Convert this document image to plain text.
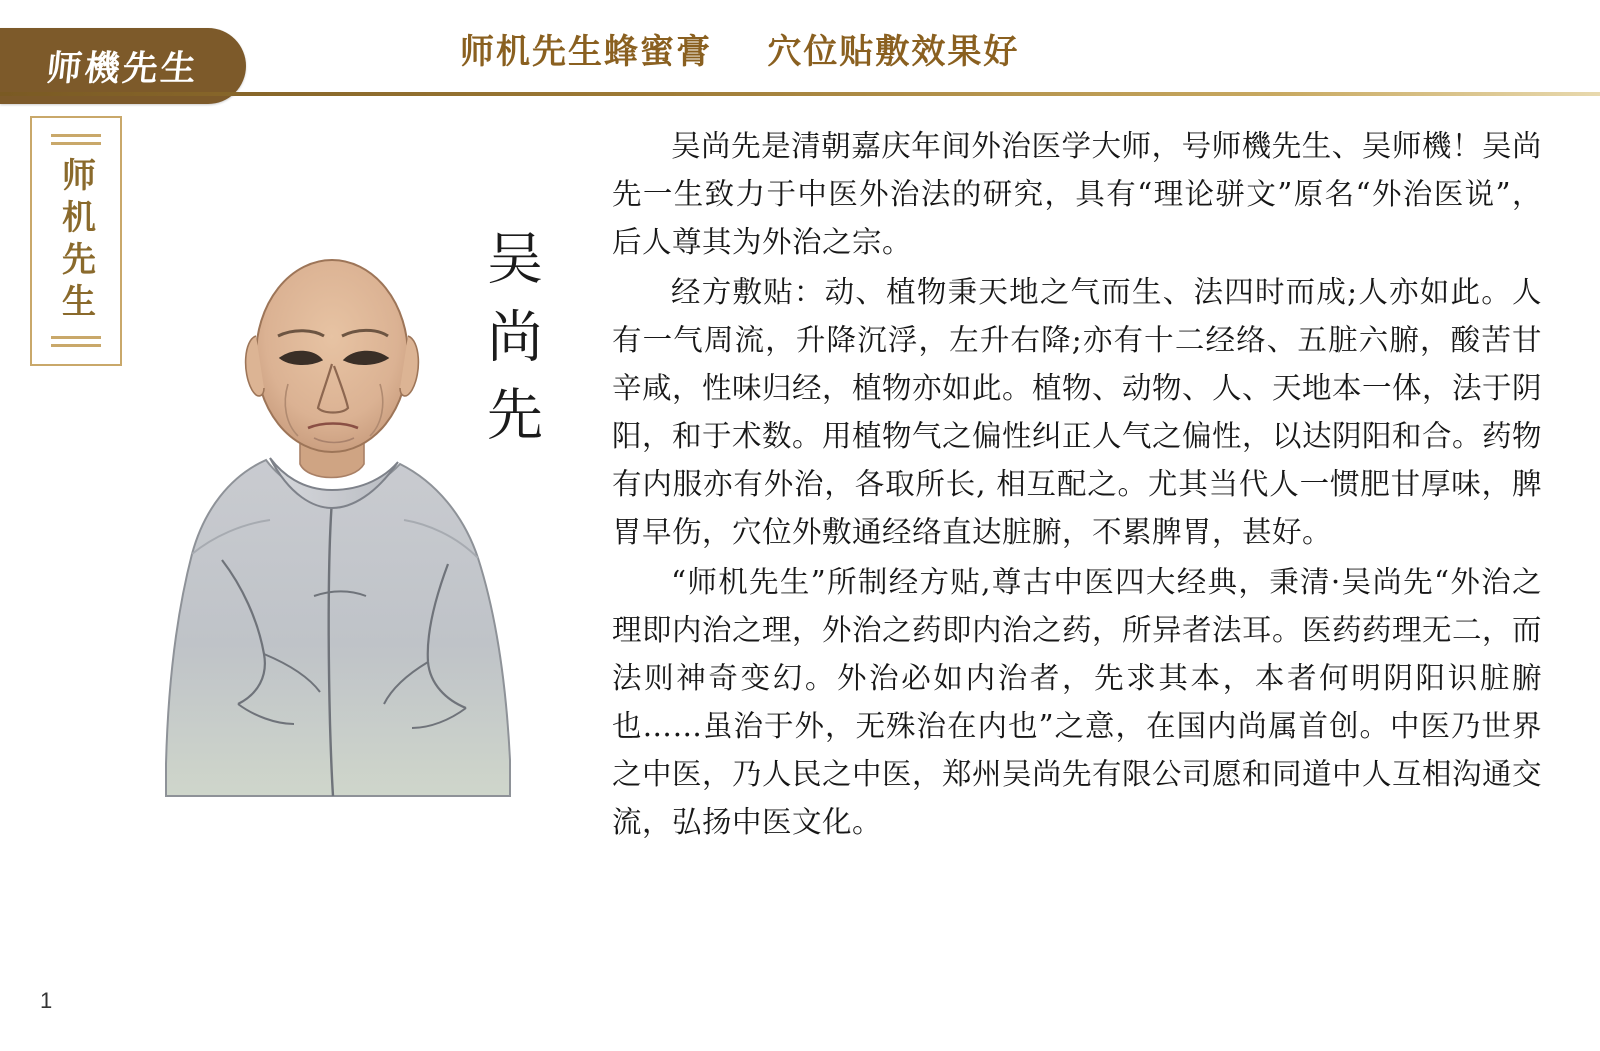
师機先生	师机先生蜂蜜膏    穴位贴敷效果好
师机先生	吴尚先

吴尚先是清朝嘉庆年间外治医学大师，号师機先生、吴师機！吴尚先一生致力于中医外治法的研究，具有“理论骈文”原名“外治医说”，后人尊其为外治之宗。

经方敷贴：动、植物秉天地之气而生、法四时而成;人亦如此。人有一气周流，升降沉浮，左升右降;亦有十二经络、五脏六腑，酸苦甘辛咸，性味归经，植物亦如此。植物、动物、人、天地本一体，法于阴阳，和于术数。用植物气之偏性纠正人气之偏性，以达阴阳和合。药物有内服亦有外治，各取所长, 相互配之。尤其当代人一惯肥甘厚味，脾胃早伤，穴位外敷通经络直达脏腑，不累脾胃，甚好。

“师机先生”所制经方贴,尊古中医四大经典，秉清·吴尚先“外治之理即内治之理，外治之药即内治之药，所异者法耳。医药药理无二，而法则神奇变幻。外治必如内治者，先求其本，本者何明阴阳识脏腑也……虽治于外，无殊治在内也”之意，在国内尚属首创。中医乃世界之中医，乃人民之中医，郑州吴尚先有限公司愿和同道中人互相沟通交流，弘扬中医文化。

1
